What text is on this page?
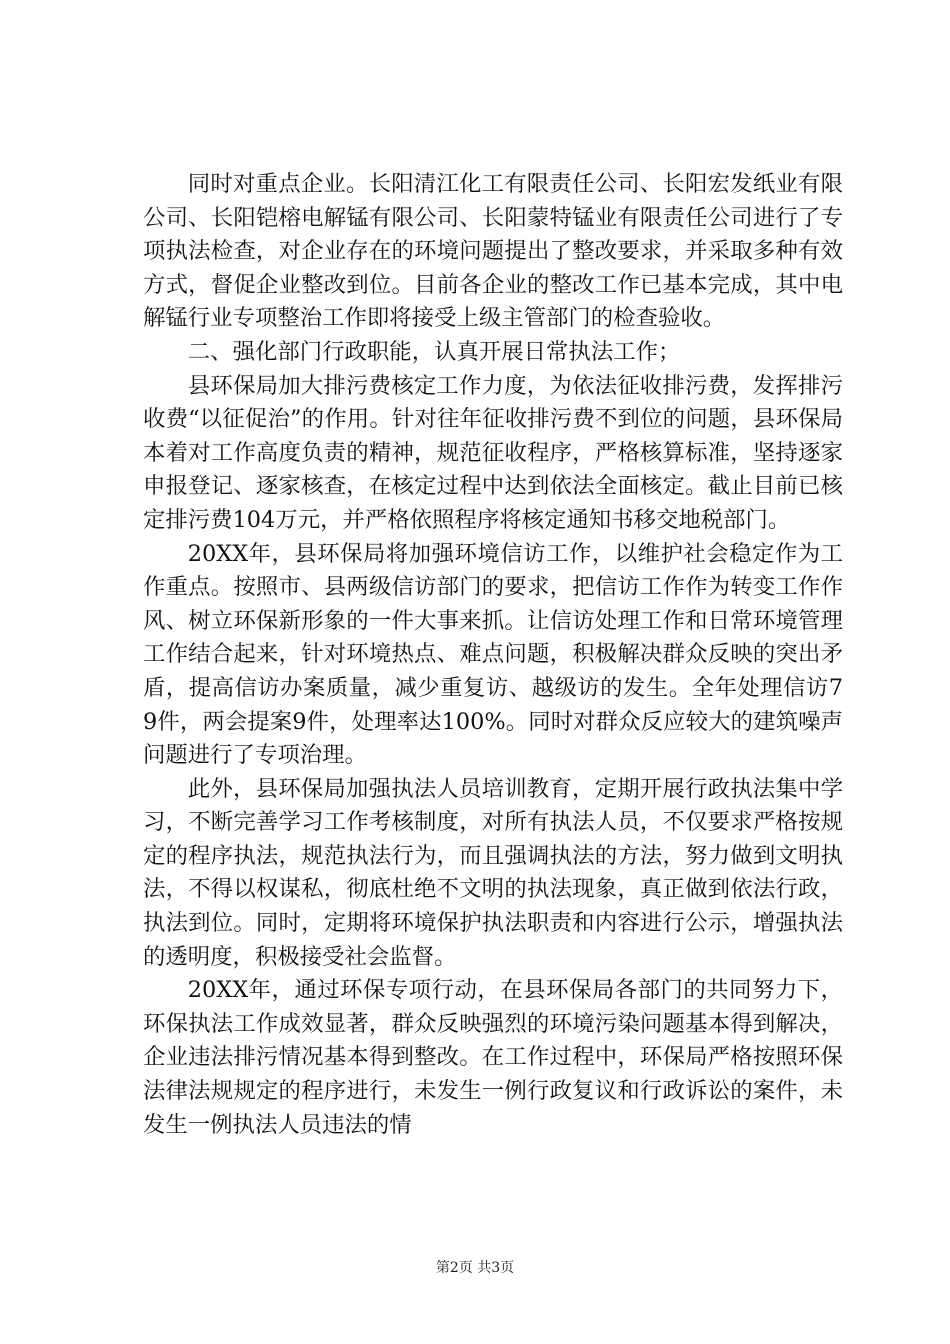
同时对重点企业。长阳清江化工有限责任公司、长阳宏发纸业有限公司、长阳铠榕电解锰有限公司、长阳蒙特锰业有限责任公司进行了专项执法检查，对企业存在的环境问题提出了整改要求，并采取多种有效方式，督促企业整改到位。目前各企业的整改工作已基本完成，其中电解锰行业专项整治工作即将接受上级主管部门的检查验收。

二、强化部门行政职能，认真开展日常执法工作；

县环保局加大排污费核定工作力度，为依法征收排污费，发挥排污收费“以征促治”的作用。针对往年征收排污费不到位的问题，县环保局本着对工作高度负责的精神，规范征收程序，严格核算标准，坚持逐家申报登记、逐家核查，在核定过程中达到依法全面核定。截止目前已核定排污费104万元，并严格依照程序将核定通知书移交地税部门。

20XX年，县环保局将加强环境信访工作，以维护社会稳定作为工作重点。按照市、县两级信访部门的要求，把信访工作作为转变工作作风、树立环保新形象的一件大事来抓。让信访处理工作和日常环境管理工作结合起来，针对环境热点、难点问题，积极解决群众反映的突出矛盾，提高信访办案质量，减少重复访、越级访的发生。全年处理信访79件，两会提案9件，处理率达100%。同时对群众反应较大的建筑噪声问题进行了专项治理。

此外，县环保局加强执法人员培训教育，定期开展行政执法集中学习，不断完善学习工作考核制度，对所有执法人员，不仅要求严格按规定的程序执法，规范执法行为，而且强调执法的方法，努力做到文明执法，不得以权谋私，彻底杜绝不文明的执法现象，真正做到依法行政，执法到位。同时，定期将环境保护执法职责和内容进行公示，增强执法的透明度，积极接受社会监督。

20XX年，通过环保专项行动，在县环保局各部门的共同努力下，环保执法工作成效显著，群众反映强烈的环境污染问题基本得到解决，企业违法排污情况基本得到整改。在工作过程中，环保局严格按照环保法律法规规定的程序进行，未发生一例行政复议和行政诉讼的案件，未发生一例执法人员违法的情

第2页 共3页
